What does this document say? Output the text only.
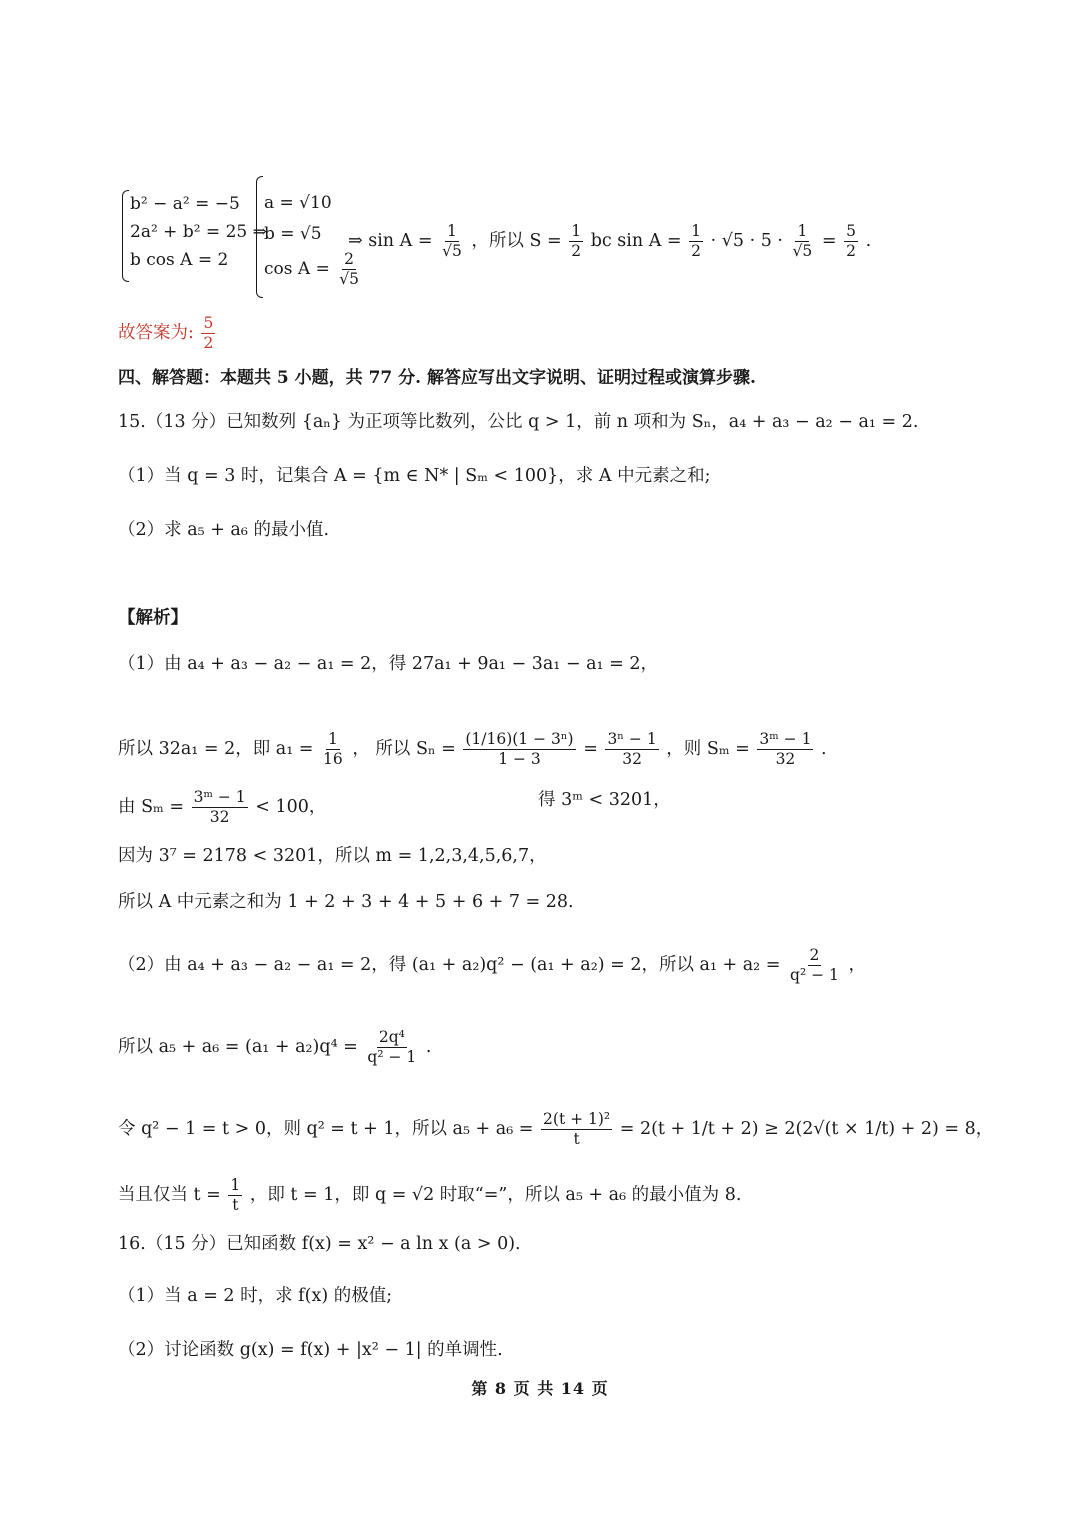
b² − a² = −5
2a² + b² = 25 ⇒
b cos A = 2
a = √10
b = √5
$\cos A = \frac{2}{√5}$
⇒ $\sin A = \frac{1}{√5}$ ，所以 $S = \frac{1}{2}$ bc $\sin A = \frac{1}{2} \cdot √5 \cdot 5 \cdot \frac{1}{√5} = \frac{5}{2}$ .
故答案为: $\frac{5}{2}$
四、解答题：本题共 5 小题，共 77 分. 解答应写出文字说明、证明过程或演算步骤.
15.（13 分）已知数列 {aₙ} 为正项等比数列，公比 q > 1，前 n 项和为 Sₙ，a₄ + a₃ − a₂ − a₁ = 2.
（1）当 q = 3 时，记集合 A = {m ∈ N* | Sₘ < 100}，求 A 中元素之和;
（2）求 a₅ + a₆ 的最小值.
【解析】
（1）由 a₄ + a₃ − a₂ − a₁ = 2，得 27a₁ + 9a₁ − 3a₁ − a₁ = 2，
所以 32a₁ = 2，即 $a_1 = \frac{1}{16}$ ， 所以 $S_n = \frac{\text{(1/16)(1 − 3ⁿ)}}{1 - 3} = \frac{\text{3ⁿ − 1}}{32}$ ，则 $S_m = \frac{\text{3ᵐ − 1}}{32}$ .
由 $S_m = \frac{\text{3ᵐ − 1}}{32} < 100$，	得 3ᵐ < 3201，
因为 3⁷ = 2178 < 3201，所以 m = 1,2,3,4,5,6,7，
所以 A 中元素之和为 1 + 2 + 3 + 4 + 5 + 6 + 7 = 28.
（2）由 a₄ + a₃ − a₂ − a₁ = 2，得 (a₁ + a₂)q² − (a₁ + a₂) = 2，所以 $a_1 + a_2 = \frac{2}{\text{q² − 1}}$ ，
所以 $a_5 + a_6 = (a_1 + a_2)q^4 = \frac{\text{2q⁴}}{\text{q² − 1}}$ .
令 q² − 1 = t > 0，则 q² = t + 1，所以 $a_5 + a_6 = \frac{\text{2(t + 1)²}}{t} = 2(t + 1/t + 2) \ge 2(2√(t \times 1/t) + 2) = 8$，
当且仅当 $t = \frac{1}{t}$ ，即 t = 1，即 q = √2 时取“=”，所以 a₅ + a₆ 的最小值为 8.
16.（15 分）已知函数 f(x) = x² − a ln x (a > 0).
（1）当 a = 2 时，求 f(x) 的极值;
（2）讨论函数 g(x) = f(x) + |x² − 1| 的单调性.
第 8 页 共 14 页
